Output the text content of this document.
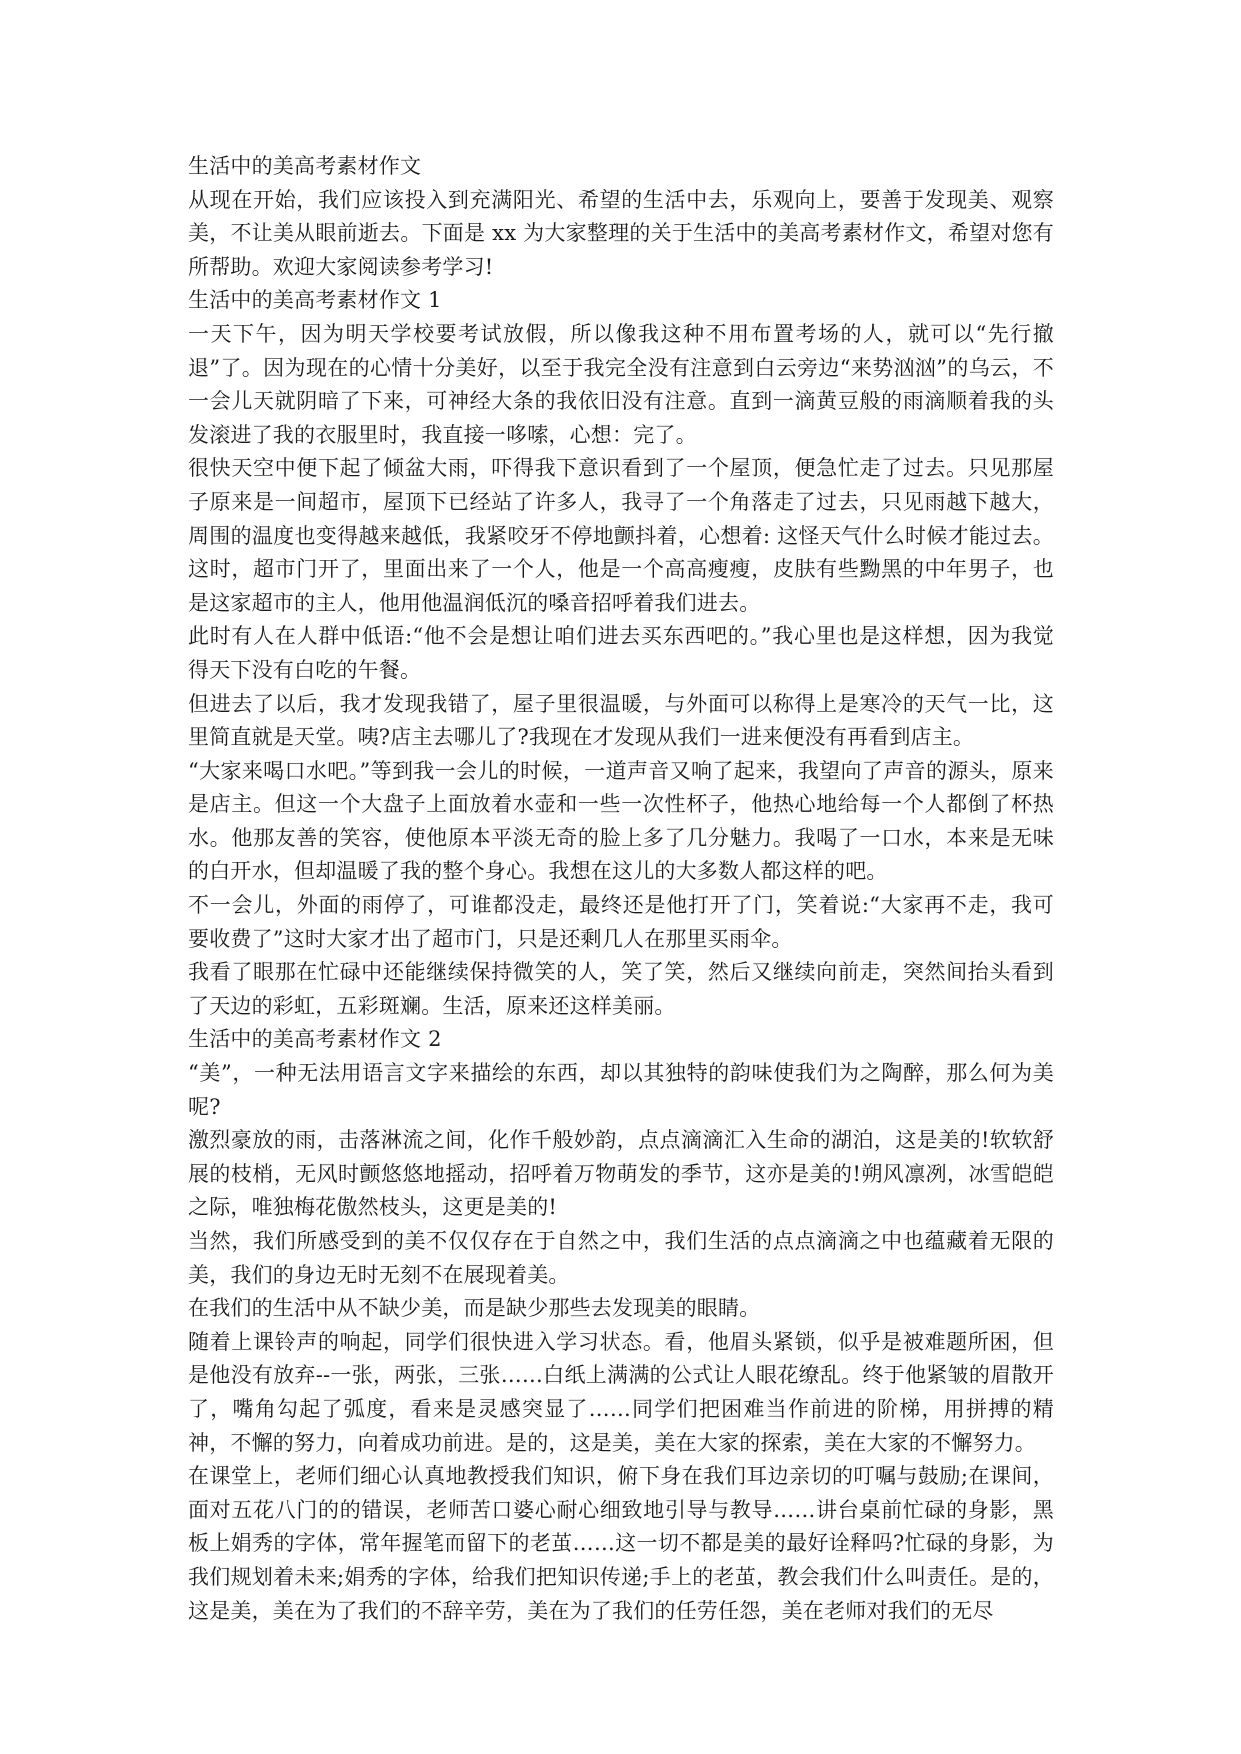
生活中的美高考素材作文

从现在开始，我们应该投入到充满阳光、希望的生活中去，乐观向上，要善于发现美、观察美，不让美从眼前逝去。下面是 xx 为大家整理的关于生活中的美高考素材作文，希望对您有所帮助。欢迎大家阅读参考学习!

生活中的美高考素材作文 1

一天下午，因为明天学校要考试放假，所以像我这种不用布置考场的人，就可以“先行撤退”了。因为现在的心情十分美好，以至于我完全没有注意到白云旁边“来势汹汹”的乌云，不一会儿天就阴暗了下来，可神经大条的我依旧没有注意。直到一滴黄豆般的雨滴顺着我的头发滚进了我的衣服里时，我直接一哆嗦，心想：完了。

很快天空中便下起了倾盆大雨，吓得我下意识看到了一个屋顶，便急忙走了过去。只见那屋子原来是一间超市，屋顶下已经站了许多人，我寻了一个角落走了过去，只见雨越下越大，周围的温度也变得越来越低，我紧咬牙不停地颤抖着，心想着: 这怪天气什么时候才能过去。这时，超市门开了，里面出来了一个人，他是一个高高瘦瘦，皮肤有些黝黑的中年男子，也是这家超市的主人，他用他温润低沉的嗓音招呼着我们进去。

此时有人在人群中低语:“他不会是想让咱们进去买东西吧的。”我心里也是这样想，因为我觉得天下没有白吃的午餐。

但进去了以后，我才发现我错了，屋子里很温暖，与外面可以称得上是寒冷的天气一比，这里简直就是天堂。咦?店主去哪儿了?我现在才发现从我们一进来便没有再看到店主。

“大家来喝口水吧。”等到我一会儿的时候，一道声音又响了起来，我望向了声音的源头，原来是店主。但这一个大盘子上面放着水壶和一些一次性杯子，他热心地给每一个人都倒了杯热水。他那友善的笑容，使他原本平淡无奇的脸上多了几分魅力。我喝了一口水，本来是无味的白开水，但却温暖了我的整个身心。我想在这儿的大多数人都这样的吧。

不一会儿，外面的雨停了，可谁都没走，最终还是他打开了门，笑着说:“大家再不走，我可要收费了”这时大家才出了超市门，只是还剩几人在那里买雨伞。

我看了眼那在忙碌中还能继续保持微笑的人，笑了笑，然后又继续向前走，突然间抬头看到了天边的彩虹，五彩斑斓。生活，原来还这样美丽。

生活中的美高考素材作文 2

“美”，一种无法用语言文字来描绘的东西，却以其独特的韵味使我们为之陶醉，那么何为美呢?

激烈豪放的雨，击落淋流之间，化作千般妙韵，点点滴滴汇入生命的湖泊，这是美的!软软舒展的枝梢，无风时颤悠悠地摇动，招呼着万物萌发的季节，这亦是美的!朔风凛冽，冰雪皑皑之际，唯独梅花傲然枝头，这更是美的!

当然，我们所感受到的美不仅仅存在于自然之中，我们生活的点点滴滴之中也蕴藏着无限的美，我们的身边无时无刻不在展现着美。

在我们的生活中从不缺少美，而是缺少那些去发现美的眼睛。

随着上课铃声的响起，同学们很快进入学习状态。看，他眉头紧锁，似乎是被难题所困，但是他没有放弃--一张，两张，三张……白纸上满满的公式让人眼花缭乱。终于他紧皱的眉散开了，嘴角勾起了弧度，看来是灵感突显了……同学们把困难当作前进的阶梯，用拼搏的精神，不懈的努力，向着成功前进。是的，这是美，美在大家的探索，美在大家的不懈努力。

在课堂上，老师们细心认真地教授我们知识，俯下身在我们耳边亲切的叮嘱与鼓励;在课间，面对五花八门的的错误，老师苦口婆心耐心细致地引导与教导……讲台桌前忙碌的身影，黑板上娟秀的字体，常年握笔而留下的老茧……这一切不都是美的最好诠释吗?忙碌的身影，为我们规划着未来;娟秀的字体，给我们把知识传递;手上的老茧，教会我们什么叫责任。是的，这是美，美在为了我们的不辞辛劳，美在为了我们的任劳任怨，美在老师对我们的无尽
